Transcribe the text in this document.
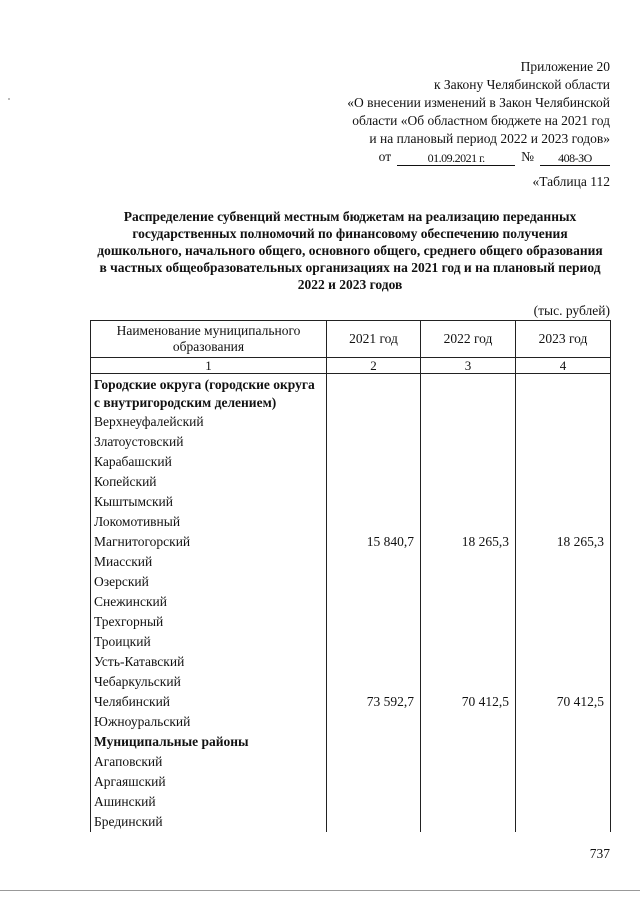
Приложение 20
к Закону Челябинской области
«О внесении изменений в Закон Челябинской
области «Об областном бюджете на 2021 год
и на плановый период 2022 и 2023 годов»
от	01.09.2021 г.	№	408-ЗО
«Таблица 112
Распределение субвенций местным бюджетам на реализацию переданных государственных полномочий по финансовому обеспечению получения дошкольного, начального общего, основного общего, среднего общего образования в частных общеобразовательных организациях на 2021 год и на плановый период 2022 и 2023 годов
(тыс. рублей)
Наименование муниципального образования	2021 год	2022 год	2023 год
1	2	3	4
Городские округа (городские округа с внутригородским делением)			
Верхнеуфалейский			
Златоустовский			
Карабашский			
Копейский			
Кыштымский			
Локомотивный			
Магнитогорский	15 840,7	18 265,3	18 265,3
Миасский			
Озерский			
Снежинский			
Трехгорный			
Троицкий			
Усть-Катавский			
Чебаркульский			
Челябинский	73 592,7	70 412,5	70 412,5
Южноуральский			
Муниципальные районы			
Агаповский			
Аргаяшский			
Ашинский			
Брединский			
737
